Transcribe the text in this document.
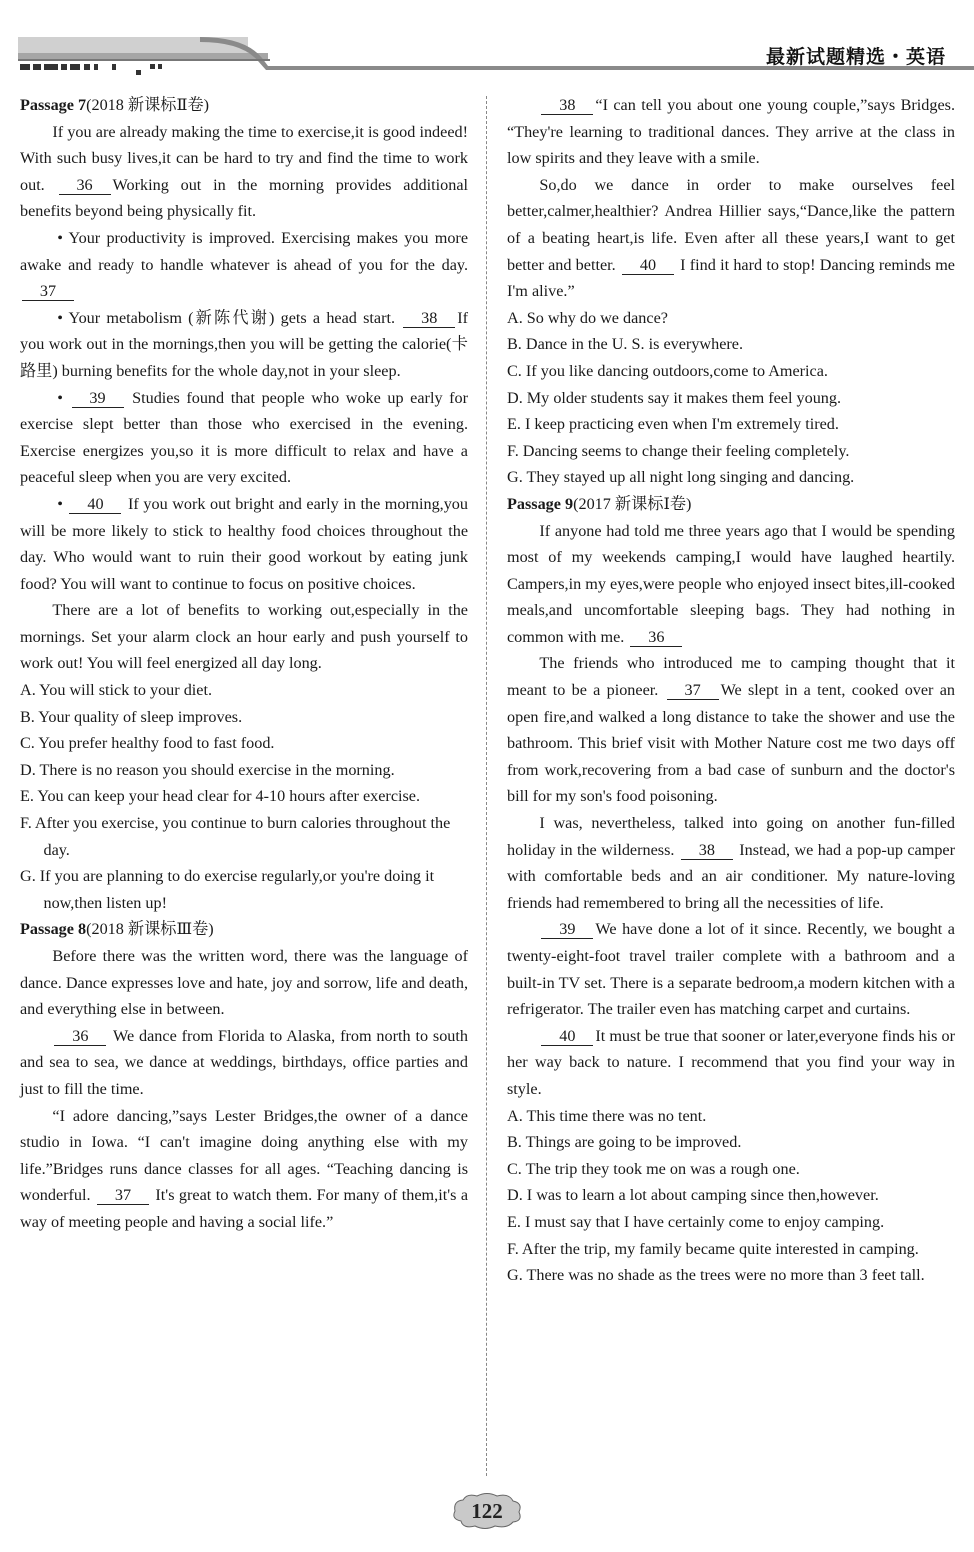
最新试题精选・英语

Passage 7(2018 新课标Ⅱ卷)

If you are already making the time to exercise,it is good indeed! With such busy lives,it can be hard to try and find the time to work out. 36 Working out in the morning provides additional benefits beyond being physically fit.

• Your productivity is improved. Exercising makes you more awake and ready to handle whatever is ahead of you for the day. 37

• Your metabolism (新陈代谢) gets a head start. 38 If you work out in the mornings,then you will be getting the calorie(卡路里) burning benefits for the whole day,not in your sleep.

• 39 Studies found that people who woke up early for exercise slept better than those who exercised in the evening. Exercise energizes you,so it is more difficult to relax and have a peaceful sleep when you are very excited.

• 40 If you work out bright and early in the morning,you will be more likely to stick to healthy food choices throughout the day. Who would want to ruin their good workout by eating junk food? You will want to continue to focus on positive choices.

There are a lot of benefits to working out,especially in the mornings. Set your alarm clock an hour early and push yourself to work out! You will feel energized all day long.

A. You will stick to your diet.

B. Your quality of sleep improves.

C. You prefer healthy food to fast food.

D. There is no reason you should exercise in the morning.

E. You can keep your head clear for 4-10 hours after exercise.

F. After you exercise, you continue to burn calories throughout the day.

G. If you are planning to do exercise regularly,or you're doing it now,then listen up!

Passage 8(2018 新课标Ⅲ卷)

Before there was the written word, there was the language of dance. Dance expresses love and hate, joy and sorrow, life and death, and everything else in between.

36 We dance from Florida to Alaska, from north to south and sea to sea, we dance at weddings, birthdays, office parties and just to fill the time.

“I adore dancing,”says Lester Bridges,the owner of a dance studio in Iowa. “I can't imagine doing anything else with my life.”Bridges runs dance classes for all ages. “Teaching dancing is wonderful. 37 It's great to watch them. For many of them,it's a way of meeting people and having a social life.”

38 “I can tell you about one young couple,”says Bridges. “They're learning to traditional dances. They arrive at the class in low spirits and they leave with a smile.

So,do we dance in order to make ourselves feel better,calmer,healthier? Andrea Hillier says,“Dance,like the pattern of a beating heart,is life. Even after all these years,I want to get better and better. 40 I find it hard to stop! Dancing reminds me I'm alive.”

A. So why do we dance?

B. Dance in the U. S. is everywhere.

C. If you like dancing outdoors,come to America.

D. My older students say it makes them feel young.

E. I keep practicing even when I'm extremely tired.

F. Dancing seems to change their feeling completely.

G. They stayed up all night long singing and dancing.

Passage 9(2017 新课标Ⅰ卷)

If anyone had told me three years ago that I would be spending most of my weekends camping,I would have laughed heartily. Campers,in my eyes,were people who enjoyed insect bites,ill-cooked meals,and uncomfortable sleeping bags. They had nothing in common with me. 36

The friends who introduced me to camping thought that it meant to be a pioneer. 37 We slept in a tent, cooked over an open fire,and walked a long distance to take the shower and use the bathroom. This brief visit with Mother Nature cost me two days off from work,recovering from a bad case of sunburn and the doctor's bill for my son's food poisoning.

I was, nevertheless, talked into going on another fun-filled holiday in the wilderness. 38 Instead, we had a pop-up camper with comfortable beds and an air conditioner. My nature-loving friends had remembered to bring all the necessities of life.

39 We have done a lot of it since. Recently, we bought a twenty-eight-foot travel trailer complete with a bathroom and a built-in TV set. There is a separate bedroom,a modern kitchen with a refrigerator. The trailer even has matching carpet and curtains.

40 It must be true that sooner or later,everyone finds his or her way back to nature. I recommend that you find your way in style.

A. This time there was no tent.

B. Things are going to be improved.

C. The trip they took me on was a rough one.

D. I was to learn a lot about camping since then,however.

E. I must say that I have certainly come to enjoy camping.

F. After the trip, my family became quite interested in camping.

G. There was no shade as the trees were no more than 3 feet tall.

122
